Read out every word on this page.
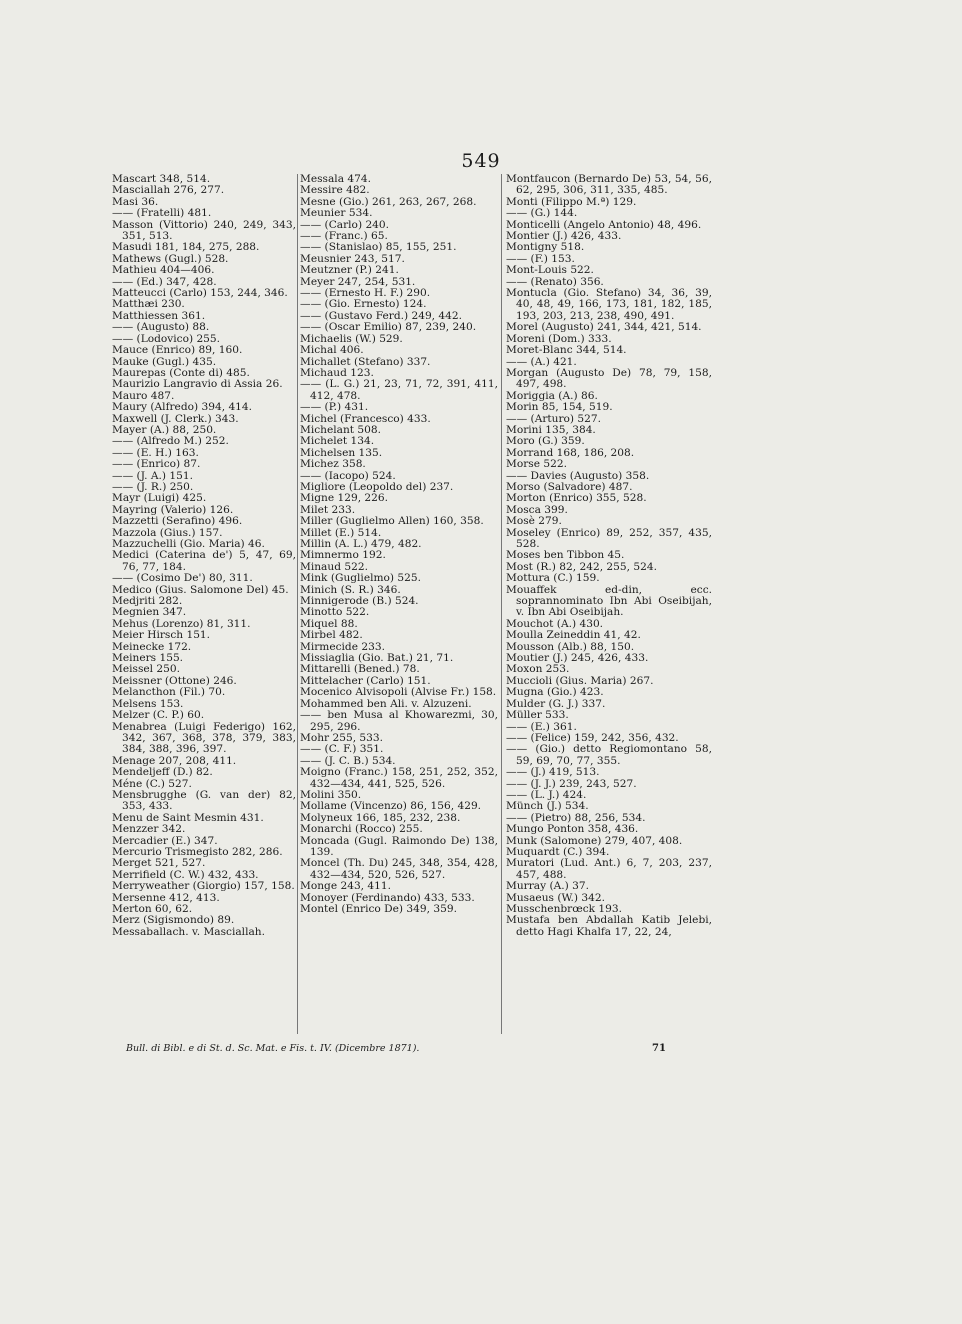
549

Mascart 348, 514.

Masciallah 276, 277.

Masi 36.

—— (Fratelli) 481.

Masson (Vittorio) 240, 249, 343, 351, 513.

Masudi 181, 184, 275, 288.

Mathews (Gugl.) 528.

Mathieu 404—406.

—— (Ed.) 347, 428.

Matteucci (Carlo) 153, 244, 346.

Matthæi 230.

Matthiessen 361.

—— (Augusto) 88.

—— (Lodovico) 255.

Mauce (Enrico) 89, 160.

Mauke (Gugl.) 435.

Maurepas (Conte di) 485.

Maurizio Langravio di Assia 26.

Mauro 487.

Maury (Alfredo) 394, 414.

Maxwell (J. Clerk.) 343.

Mayer (A.) 88, 250.

—— (Alfredo M.) 252.

—— (E. H.) 163.

—— (Enrico) 87.

—— (J. A.) 151.

—— (J. R.) 250.

Mayr (Luigi) 425.

Mayring (Valerio) 126.

Mazzetti (Serafino) 496.

Mazzola (Gius.) 157.

Mazzuchelli (Gio. Maria) 46.

Medici (Caterina de') 5, 47, 69, 76, 77, 184.

—— (Cosimo De') 80, 311.

Medico (Gius. Salomone Del) 45.

Medjriti 282.

Megnien 347.

Mehus (Lorenzo) 81, 311.

Meier Hirsch 151.

Meinecke 172.

Meiners 155.

Meissel 250.

Meissner (Ottone) 246.

Melancthon (Fil.) 70.

Melsens 153.

Melzer (C. P.) 60.

Menabrea (Luigi Federigo) 162, 342, 367, 368, 378, 379, 383, 384, 388, 396, 397.

Menage 207, 208, 411.

Mendeljeff (D.) 82.

Méne (C.) 527.

Mensbrugghe (G. van der) 82, 353, 433.

Menu de Saint Mesmin 431.

Menzzer 342.

Mercadier (E.) 347.

Mercurio Trismegisto 282, 286.

Merget 521, 527.

Merrifield (C. W.) 432, 433.

Merryweather (Giorgio) 157, 158.

Mersenne 412, 413.

Merton 60, 62.

Merz (Sigismondo) 89.

Messaballach. v. Masciallah.

Messala 474.

Messire 482.

Mesne (Gio.) 261, 263, 267, 268.

Meunier 534.

—— (Carlo) 240.

—— (Franc.) 65.

—— (Stanislao) 85, 155, 251.

Meusnier 243, 517.

Meutzner (P.) 241.

Meyer 247, 254, 531.

—— (Ernesto H. F.) 290.

—— (Gio. Ernesto) 124.

—— (Gustavo Ferd.) 249, 442.

—— (Oscar Emilio) 87, 239, 240.

Michaelis (W.) 529.

Michal 406.

Michallet (Stefano) 337.

Michaud 123.

—— (L. G.) 21, 23, 71, 72, 391, 411, 412, 478.

—— (P.) 431.

Michel (Francesco) 433.

Michelant 508.

Michelet 134.

Michelsen 135.

Michez 358.

—— (Iacopo) 524.

Migliore (Leopoldo del) 237.

Migne 129, 226.

Milet 233.

Miller (Guglielmo Allen) 160, 358.

Millet (E.) 514.

Millin (A. L.) 479, 482.

Mimnermo 192.

Minaud 522.

Mink (Guglielmo) 525.

Minich (S. R.) 346.

Minnigerode (B.) 524.

Minotto 522.

Miquel 88.

Mirbel 482.

Mirmecide 233.

Missiaglia (Gio. Bat.) 21, 71.

Mittarelli (Bened.) 78.

Mittelacher (Carlo) 151.

Mocenico Alvisopoli (Alvise Fr.) 158.

Mohammed ben Ali. v. Alzuzeni.

—— ben Musa al Khowarezmi, 30, 295, 296.

Mohr 255, 533.

—— (C. F.) 351.

—— (J. C. B.) 534.

Moigno (Franc.) 158, 251, 252, 352, 432—434, 441, 525, 526.

Molini 350.

Mollame (Vincenzo) 86, 156, 429.

Molyneux 166, 185, 232, 238.

Monarchi (Rocco) 255.

Moncada (Gugl. Raimondo De) 138, 139.

Moncel (Th. Du) 245, 348, 354, 428, 432—434, 520, 526, 527.

Monge 243, 411.

Monoyer (Ferdinando) 433, 533.

Montel (Enrico De) 349, 359.

Montfaucon (Bernardo De) 53, 54, 56, 62, 295, 306, 311, 335, 485.

Monti (Filippo M.ª) 129.

—— (G.) 144.

Monticelli (Angelo Antonio) 48, 496.

Montier (J.) 426, 433.

Montigny 518.

—— (F.) 153.

Mont-Louis 522.

—— (Renato) 356.

Montucla (Gio. Stefano) 34, 36, 39, 40, 48, 49, 166, 173, 181, 182, 185, 193, 203, 213, 238, 490, 491.

Morel (Augusto) 241, 344, 421, 514.

Moreni (Dom.) 333.

Moret-Blanc 344, 514.

—— (A.) 421.

Morgan (Augusto De) 78, 79, 158, 497, 498.

Moriggia (A.) 86.

Morin 85, 154, 519.

—— (Arturo) 527.

Morini 135, 384.

Moro (G.) 359.

Morrand 168, 186, 208.

Morse 522.

—— Davies (Augusto) 358.

Morso (Salvadore) 487.

Morton (Enrico) 355, 528.

Mosca 399.

Mosè 279.

Moseley (Enrico) 89, 252, 357, 435, 528.

Moses ben Tibbon 45.

Most (R.) 82, 242, 255, 524.

Mottura (C.) 159.

Mouaffek ed-din, ecc. soprannominato Ibn Abi Oseibijah, v. Ibn Abi Oseibijah.

Mouchot (A.) 430.

Moulla Zeineddin 41, 42.

Mousson (Alb.) 88, 150.

Moutier (J.) 245, 426, 433.

Moxon 253.

Muccioli (Gius. Maria) 267.

Mugna (Gio.) 423.

Mulder (G. J.) 337.

Müller 533.

—— (E.) 361.

—— (Felice) 159, 242, 356, 432.

—— (Gio.) detto Regiomontano 58, 59, 69, 70, 77, 355.

—— (J.) 419, 513.

—— (J. J.) 239, 243, 527.

—— (L. J.) 424.

Münch (J.) 534.

—— (Pietro) 88, 256, 534.

Mungo Ponton 358, 436.

Munk (Salomone) 279, 407, 408.

Muquardt (C.) 394.

Muratori (Lud. Ant.) 6, 7, 203, 237, 457, 488.

Murray (A.) 37.

Musaeus (W.) 342.

Musschenbrœck 193.

Mustafa ben Abdallah Katib Jelebi, detto Hagi Khalfa 17, 22, 24,

Bull. di Bibl. e di St. d. Sc. Mat. e Fis. t. IV. (Dicembre 1871).	71
